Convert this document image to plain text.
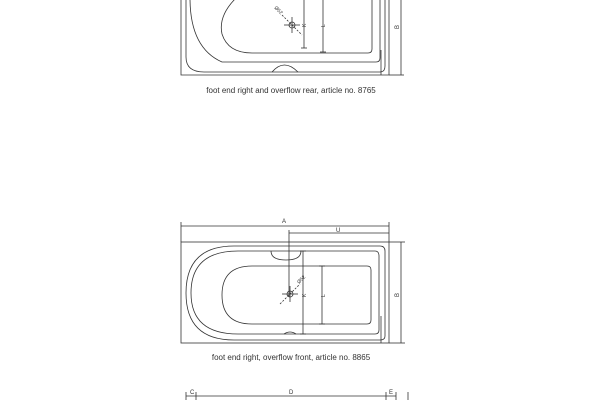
Ø52
K	L	B
A
U
Ø52
K	L	B
C	D	E
foot end right and overflow rear, article no. 8765
foot end right, overflow front, article no. 8865
